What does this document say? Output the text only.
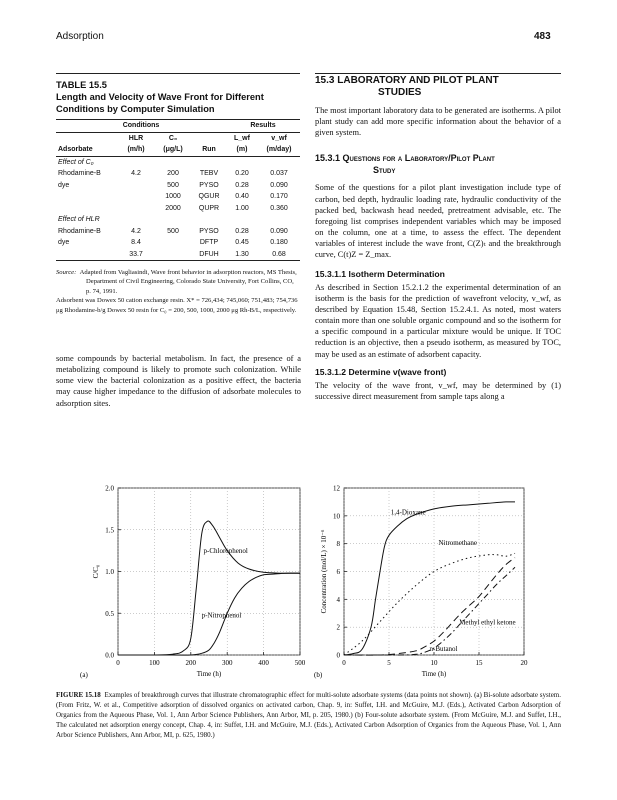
Adsorption	483
TABLE 15.5
Length and Velocity of Wave Front for Different
Conditions by Computer Simulation
Conditions				Results	
	HLR	C₀		L_wf	v_wf
Adsorbate	(m/h)	(μg/L)	Run	(m)	(m/day)
Effect of C₀					
Rhodamine-B	4.2	200	TEBV	0.20	0.037
dye		500	PYSO	0.28	0.090
		1000	QGUR	0.40	0.170
		2000	QUPR	1.00	0.360
Effect of HLR					
Rhodamine-B	4.2	500	PYSO	0.28	0.090
dye	8.4		DFTP	0.45	0.180
	33.7		DFUH	1.30	0.68

Source: Adapted from Vagliasindi, Wave front behavior in adsorption reactors, MS Thesis, Department of Civil Engineering, Colorado State University, Fort Collins, CO, p. 74, 1991.
Adsorbent was Dowex 50 cation exchange resin. X* = 726,434; 745,060; 751,483; 754,736 μg Rhodamine-b/g Dowex 50 resin for C₀ = 200, 500, 1000, 2000 μg Rh-B/L, respectively.
some compounds by bacterial metabolism. In fact, the presence of a metabolizing compound is likely to promote such colonization. While some view the bacterial colonization as a positive effect, the bacteria may cause higher impedance to the diffusion of adsorbate molecules to adsorption sites.
15.3 LABORATORY AND PILOT PLANT
STUDIES
The most important laboratory data to be generated are isotherms. A pilot plant study can add more specific information about the behavior of a given system.
15.3.1 Questions for a Laboratory/Pilot Plant
Study
Some of the questions for a pilot plant investigation include type of carbon, bed depth, hydraulic loading rate, hydraulic conductivity of the packed bed, backwash head needed, pretreatment advisable, etc. The foregoing list comprises independent variables which may be imposed on the column, one at a time, to assess the effect. The dependent variables of interest include the wave front, C(Z)ₜ and the breakthrough curve, C(t)Z = Z_max.
15.3.1.1 Isotherm Determination
As described in Section 15.2.1.2 the experimental determination of an isotherm is the basis for the prediction of wavefront velocity, v_wf, as described by Equation 15.48, Section 15.2.4.1. As noted, most waters contain more than one soluble organic compound and so the isotherm for a specific compound in a particular mixture would be unique. If TOC reduction is an objective, then a pseudo isotherm, as measured by TOC, may be used as an estimate of adsorbent capacity.
15.3.1.2 Determine v(wave front)
The velocity of the wave front, v_wf, may be determined by (1) successive direct measurement from sample taps along a
0.0
0.5
1.0
1.5
2.0
0	100	200	300	400	500
Time (h)
C/C₀
(a)
p-Chlorophenol
p-Nitrophenol
0
2
4
6
8
10
12
0	5	10	15	20
Time (h)
Concentration (mol/L) × 10⁻⁶
(b)
1,4-Dioxane
Nitromethane
Methyl ethyl ketone
n-Butanol
FIGURE 15.18 Examples of breakthrough curves that illustrate chromatographic effect for multi-solute adsorbate systems (data points not shown). (a) Bi-solute adsorbate system. (From Fritz, W. et al., Competitive adsorption of dissolved organics on activated carbon, Chap. 9, in: Suffet, I.H. and McGuire, M.J. (Eds.), Activated Carbon Adsorption of Organics from the Aqueous Phase, Vol. 1, Ann Arbor Science Publishers, Ann Arbor, MI, p. 205, 1980.) (b) Four-solute adsorbate system. (From McGuire, M.J. and Suffet, I.H., The calculated net adsorption energy concept, Chap. 4, in: Suffet, I.H. and McGuire, M.J. (Eds.), Activated Carbon Adsorption of Organics from the Aqueous Phase, Vol. 1, Ann Arbor Science Publishers, Ann Arbor, MI, p. 625, 1980.)
